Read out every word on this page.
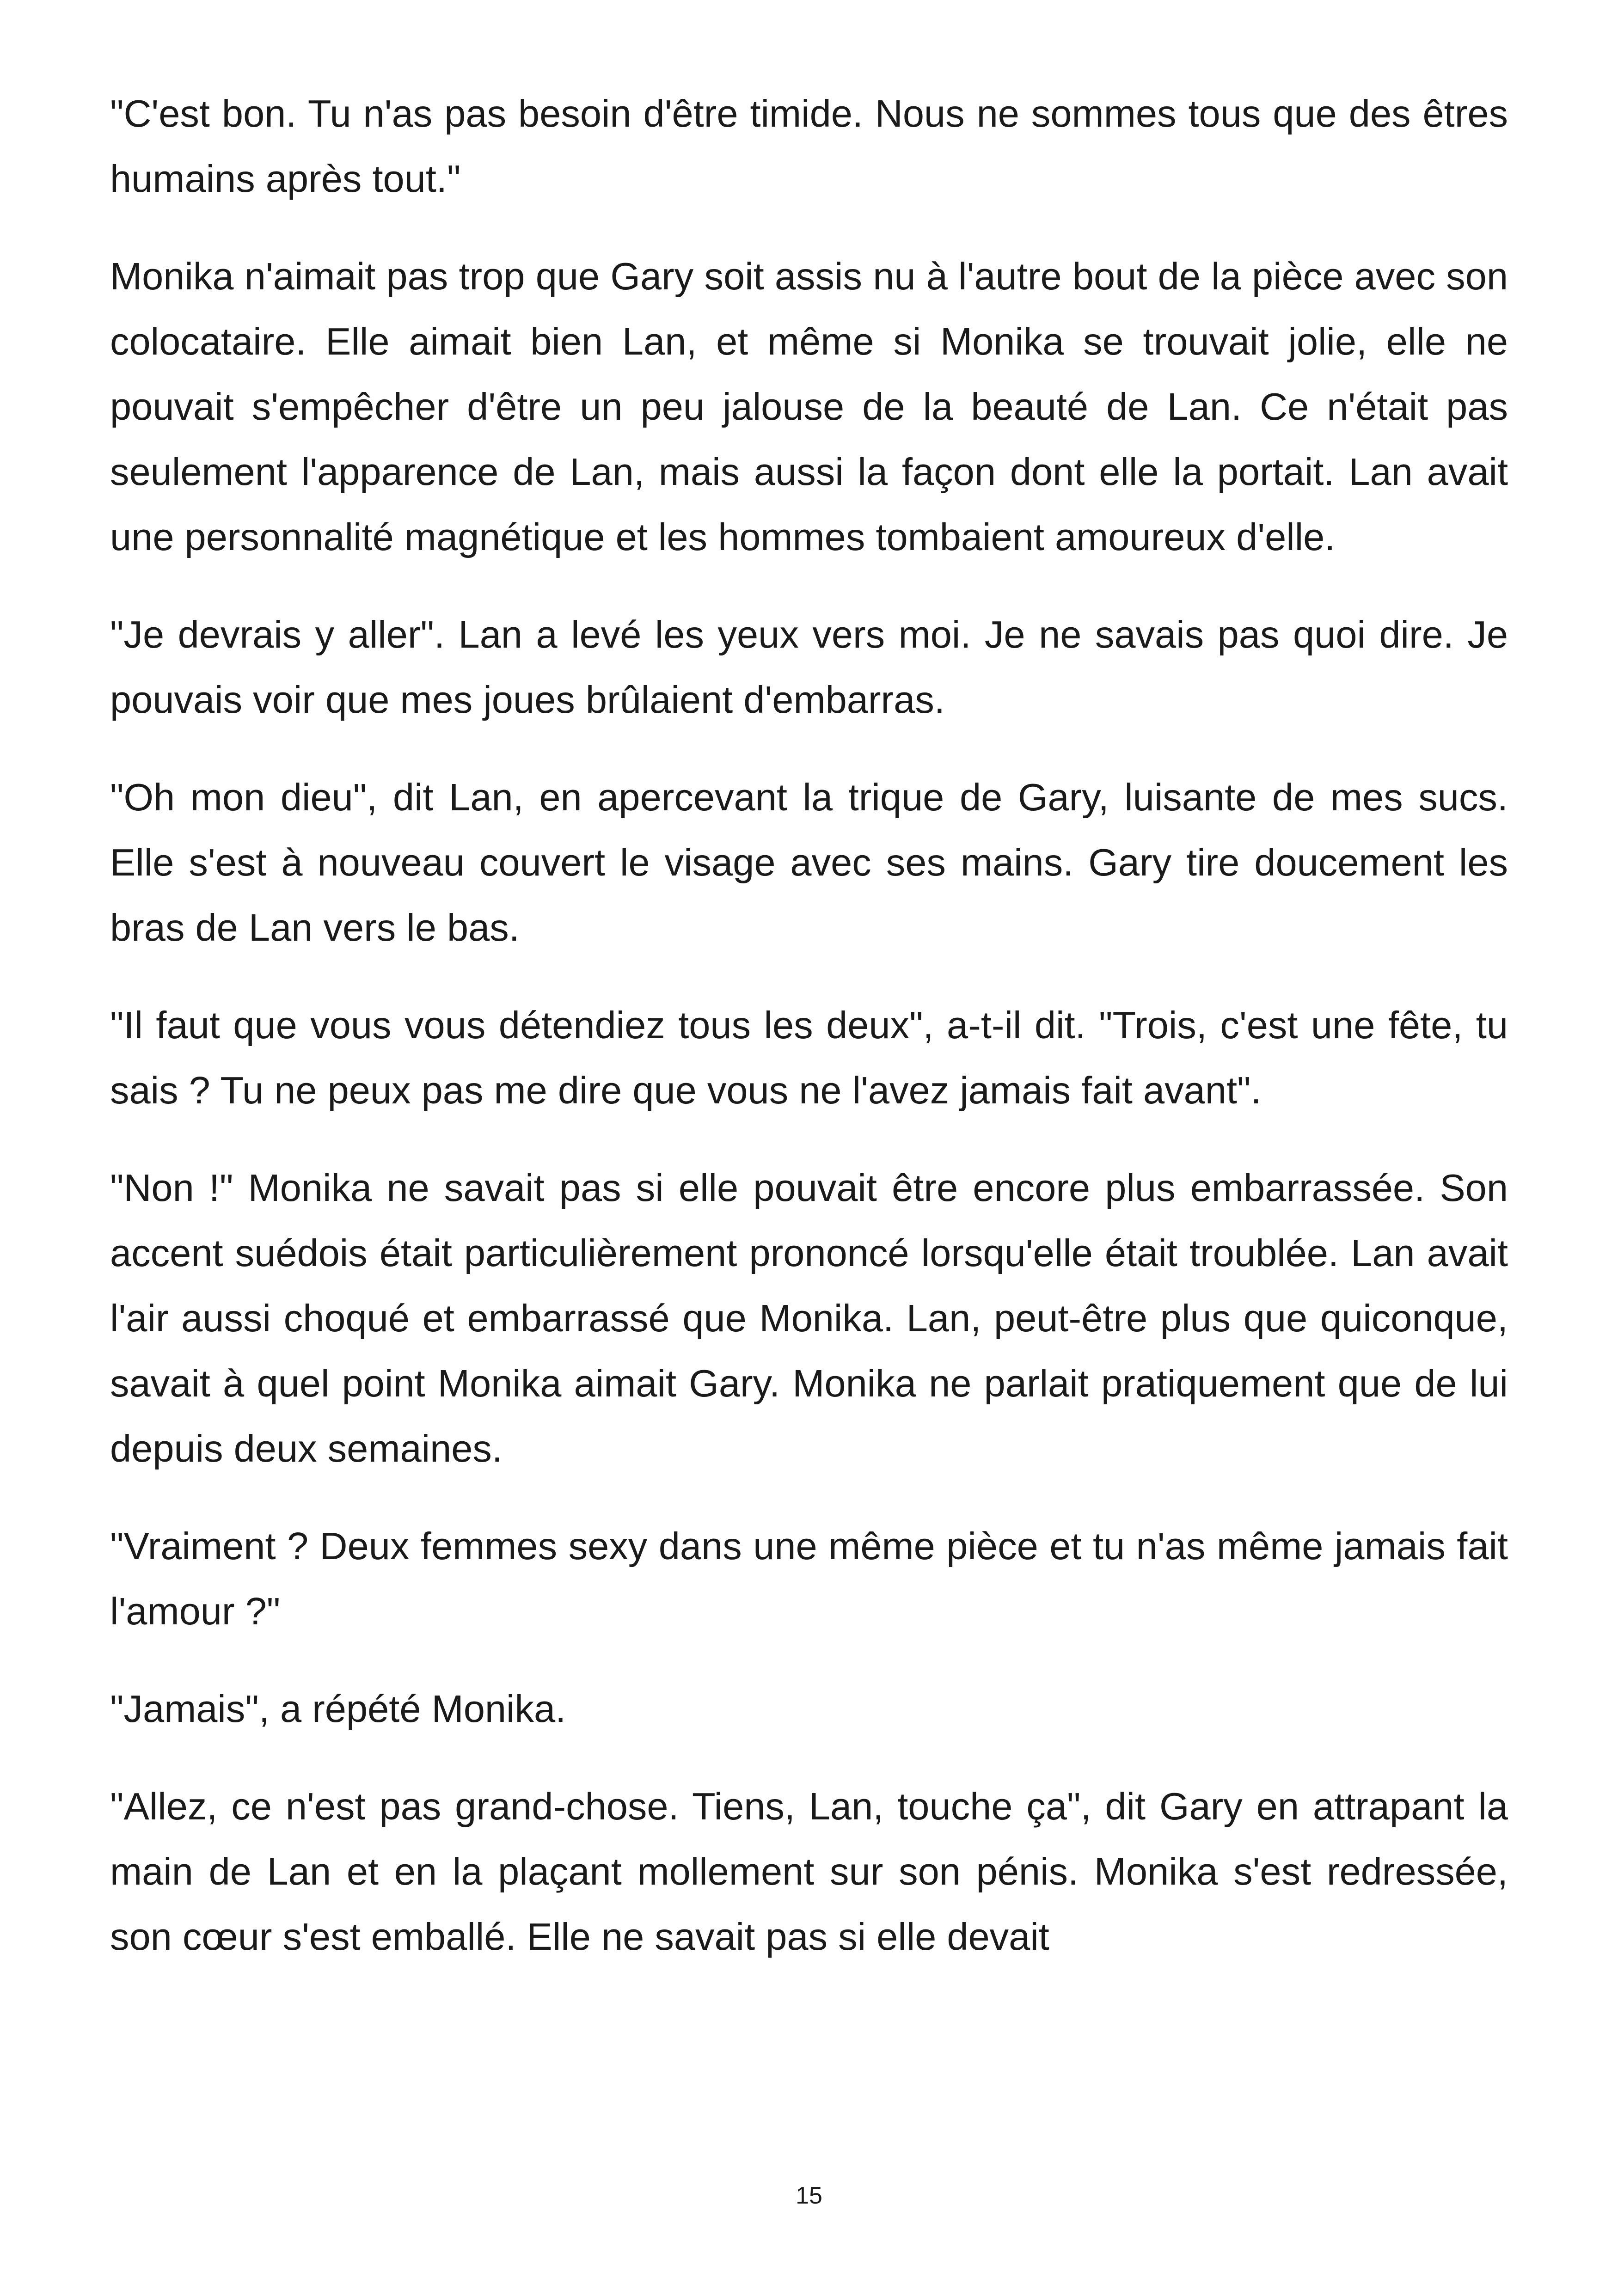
"C'est bon. Tu n'as pas besoin d'être timide. Nous ne sommes tous que des êtres humains après tout."

Monika n'aimait pas trop que Gary soit assis nu à l'autre bout de la pièce avec son colocataire. Elle aimait bien Lan, et même si Monika se trouvait jolie, elle ne pouvait s'empêcher d'être un peu jalouse de la beauté de Lan. Ce n'était pas seulement l'apparence de Lan, mais aussi la façon dont elle la portait. Lan avait une personnalité magnétique et les hommes tombaient amoureux d'elle.

"Je devrais y aller". Lan a levé les yeux vers moi. Je ne savais pas quoi dire. Je pouvais voir que mes joues brûlaient d'embarras.

"Oh mon dieu", dit Lan, en apercevant la trique de Gary, luisante de mes sucs. Elle s'est à nouveau couvert le visage avec ses mains. Gary tire doucement les bras de Lan vers le bas.

"Il faut que vous vous détendiez tous les deux", a-t-il dit. "Trois, c'est une fête, tu sais ? Tu ne peux pas me dire que vous ne l'avez jamais fait avant".

"Non !" Monika ne savait pas si elle pouvait être encore plus embarrassée. Son accent suédois était particulièrement prononcé lorsqu'elle était troublée. Lan avait l'air aussi choqué et embarrassé que Monika. Lan, peut-être plus que quiconque, savait à quel point Monika aimait Gary. Monika ne parlait pratiquement que de lui depuis deux semaines.

"Vraiment ? Deux femmes sexy dans une même pièce et tu n'as même jamais fait l'amour ?"

"Jamais", a répété Monika.

"Allez, ce n'est pas grand-chose. Tiens, Lan, touche ça", dit Gary en attrapant la main de Lan et en la plaçant mollement sur son pénis. Monika s'est redressée, son cœur s'est emballé. Elle ne savait pas si elle devait

15
